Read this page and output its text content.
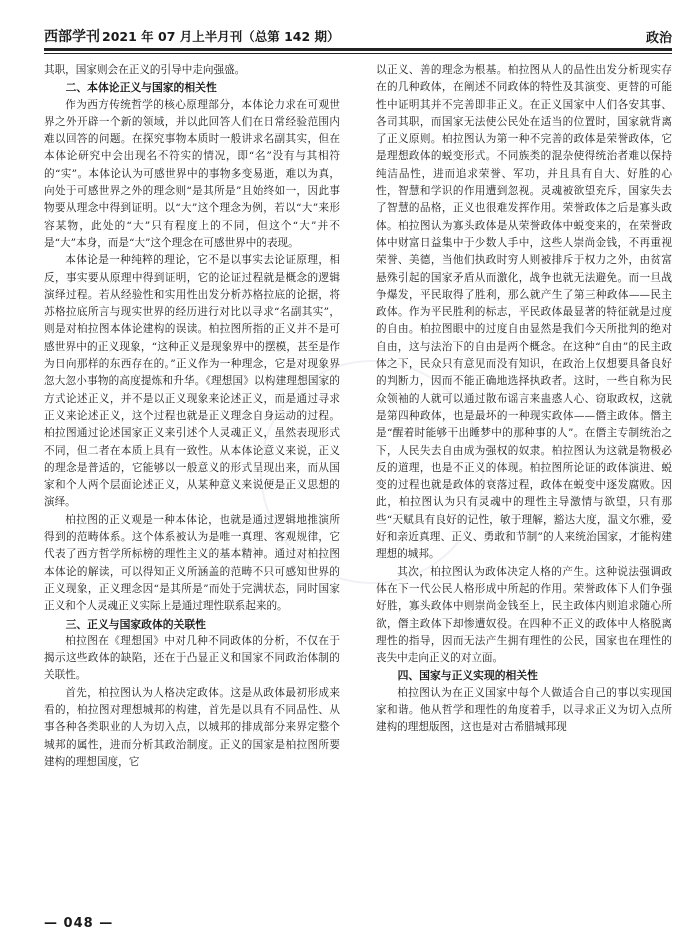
西部学刊 2021 年 07 月上半月刊（总第 142 期）	政治

其职，国家则会在正义的引导中走向强盛。

二、本体论正义与国家的相关性

作为西方传统哲学的核心原理部分，本体论力求在可观世界之外开辟一个新的领域，并以此回答人们在日常经验范围内难以回答的问题。在探究事物本质时一般讲求名副其实，但在本体论研究中会出现名不符实的情况，即“名”没有与其相符的“实”。本体论认为可感世界中的事物多变易逝，难以为真，向处于可感世界之外的理念则“是其所是”且始终如一，因此事物要从理念中得到证明。以“大”这个理念为例，若以“大”来形容某物，此处的“大”只有程度上的不同，但这个“大”并不是“大”本身，而是“大”这个理念在可感世界中的表现。

本体论是一种纯粹的理论，它不是以事实去论证原理，相反，事实要从原理中得到证明，它的论证过程就是概念的逻辑演绎过程。若从经验性和实用性出发分析苏格拉底的论据，将苏格拉底所言与现实世界的经历进行对比以寻求“名副其实”，则是对柏拉图本体论建构的误读。柏拉图所指的正义并不是可感世界中的正义现象，“这种正义是现象界中的摆模，甚至是作为日向那样的东西存在的。”正义作为一种理念，它是对现象界忽大忽小事物的高度提炼和升华。《理想国》以构建理想国家的方式论述正义，并不是以正义现象来论述正义，而是通过寻求正义来论述正义，这个过程也就是正义理念自身运动的过程。柏拉图通过论述国家正义来引述个人灵魂正义，虽然表现形式不同，但二者在本质上具有一致性。从本体论意义来说，正义的理念是普适的，它能够以一般意义的形式呈现出来，而从国家和个人两个层面论述正义，从某种意义来说便是正义思想的演绎。

柏拉图的正义观是一种本体论，也就是通过逻辑地推演所得到的范畴体系。这个体系被认为是唯一真理、客观规律，它代表了西方哲学所标榜的理性主义的基本精神。通过对柏拉图本体论的解读，可以得知正义所涵盖的范畴不只可感知世界的正义现象，正义理念因“是其所是”而处于完满状态，同时国家正义和个人灵魂正义实际上是通过理性联系起来的。

三、正义与国家政体的关联性

柏拉图在《理想国》中对几种不同政体的分析，不仅在于揭示这些政体的缺陷，还在于凸显正义和国家不同政治体制的关联性。

首先，柏拉图认为人格决定政体。这是从政体最初形成来看的，柏拉图对理想城邦的构建，首先是以具有不同品性、从事各种各类职业的人为切入点，以城邦的排成部分来界定整个城邦的属性，进而分析其政治制度。正义的国家是柏拉图所要建构的理想国度，它

以正义、善的理念为根基。柏拉图从人的品性出发分析现实存在的几种政体，在阐述不同政体的特性及其演变、更替的可能性中证明其并不完善即非正义。在正义国家中人们各安其事、各司其职，而国家无法使公民处在适当的位置时，国家就背离了正义原则。柏拉图认为第一种不完善的政体是荣誉政体，它是理想政体的蜕变形式。不同族类的混杂使得统治者难以保持纯洁品性，进而追求荣誉、军功，并且具有自大、好胜的心性，智慧和学识的作用遭到忽视。灵魂被欲望充斥，国家失去了智慧的品格，正义也很难发挥作用。荣誉政体之后是寡头政体。柏拉图认为寡头政体是从荣誉政体中蜕变来的，在荣誉政体中财富日益集中于少数人手中，这些人崇尚金钱，不再重视荣誉、美德，当他们执政时穷人则被排斥于权力之外，由贫富悬殊引起的国家矛盾从而激化，战争也就无法避免。而一旦战争爆发，平民取得了胜利，那么就产生了第三种政体——民主政体。作为平民胜利的标志，平民政体最显著的特征就是过度的自由。柏拉图眼中的过度自由显然是我们今天所批判的绝对自由，这与法治下的自由是两个概念。在这种“自由”的民主政体之下，民众只有意见而没有知识，在政治上仅想要具备良好的判断力，因而不能正确地选择执政者。这时，一些自称为民众领袖的人就可以通过散布谣言来蛊惑人心、窃取政权，这就是第四种政体，也是最坏的一种现实政体——僭主政体。僭主是“醒着时能够干出睡梦中的那种事的人”。在僭主专制统治之下，人民失去自由成为强权的奴隶。柏拉图认为这就是物极必反的道理，也是不正义的体现。柏拉图所论证的政体演进、蜕变的过程也就是政体的衰落过程，政体在蜕变中逐发腐败。因此，柏拉图认为只有灵魂中的理性主导激情与欲望，只有那些“天赋具有良好的记性，敏于理解，豁达大度，温文尔雅，爱好和亲近真理、正义、勇敢和节制”的人来统治国家，才能构建理想的城邦。

其次，柏拉图认为政体决定人格的产生。这种说法强调政体在下一代公民人格形成中所起的作用。荣誉政体下人们争强好胜，寡头政体中则崇尚金钱至上，民主政体内则追求随心所欲，僭主政体下却惨遭奴役。在四种不正义的政体中人格脱离理性的指导，因而无法产生拥有理性的公民，国家也在理性的丧失中走向正义的对立面。

四、国家与正义实现的相关性

柏拉图认为在正义国家中每个人做适合自己的事以实现国家和谐。他从哲学和理性的角度着手，以寻求正义为切入点所建构的理想版图，这也是对古希腊城邦现

— 048 —
